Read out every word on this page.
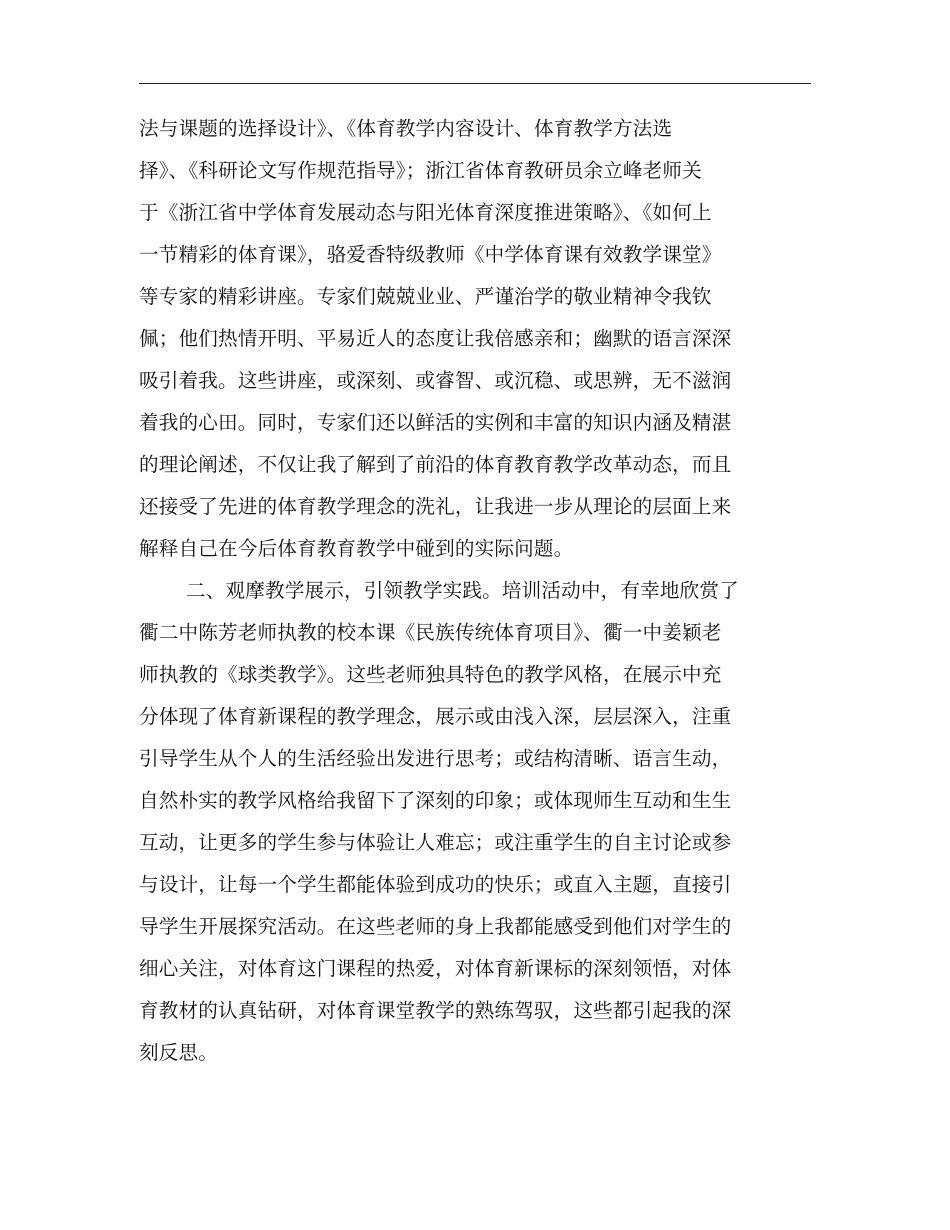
法与课题的选择设计》、《体育教学内容设计、体育教学方法选
择》、《科研论文写作规范指导》；浙江省体育教研员余立峰老师关
于《浙江省中学体育发展动态与阳光体育深度推进策略》、《如何上
一节精彩的体育课》，骆爱香特级教师《中学体育课有效教学课堂》
等专家的精彩讲座。专家们兢兢业业、严谨治学的敬业精神令我钦
佩；他们热情开明、平易近人的态度让我倍感亲和；幽默的语言深深
吸引着我。这些讲座，或深刻、或睿智、或沉稳、或思辨，无不滋润
着我的心田。同时，专家们还以鲜活的实例和丰富的知识内涵及精湛
的理论阐述，不仅让我了解到了前沿的体育教育教学改革动态，而且
还接受了先进的体育教学理念的洗礼，让我进一步从理论的层面上来
解释自己在今后体育教育教学中碰到的实际问题。
二、观摩教学展示，引领教学实践。培训活动中，有幸地欣赏了
衢二中陈芳老师执教的校本课《民族传统体育项目》、衢一中姜颖老
师执教的《球类教学》。这些老师独具特色的教学风格，在展示中充
分体现了体育新课程的教学理念，展示或由浅入深，层层深入，注重
引导学生从个人的生活经验出发进行思考；或结构清晰、语言生动，
自然朴实的教学风格给我留下了深刻的印象；或体现师生互动和生生
互动，让更多的学生参与体验让人难忘；或注重学生的自主讨论或参
与设计，让每一个学生都能体验到成功的快乐；或直入主题，直接引
导学生开展探究活动。在这些老师的身上我都能感受到他们对学生的
细心关注，对体育这门课程的热爱，对体育新课标的深刻领悟，对体
育教材的认真钻研，对体育课堂教学的熟练驾驭，这些都引起我的深
刻反思。
